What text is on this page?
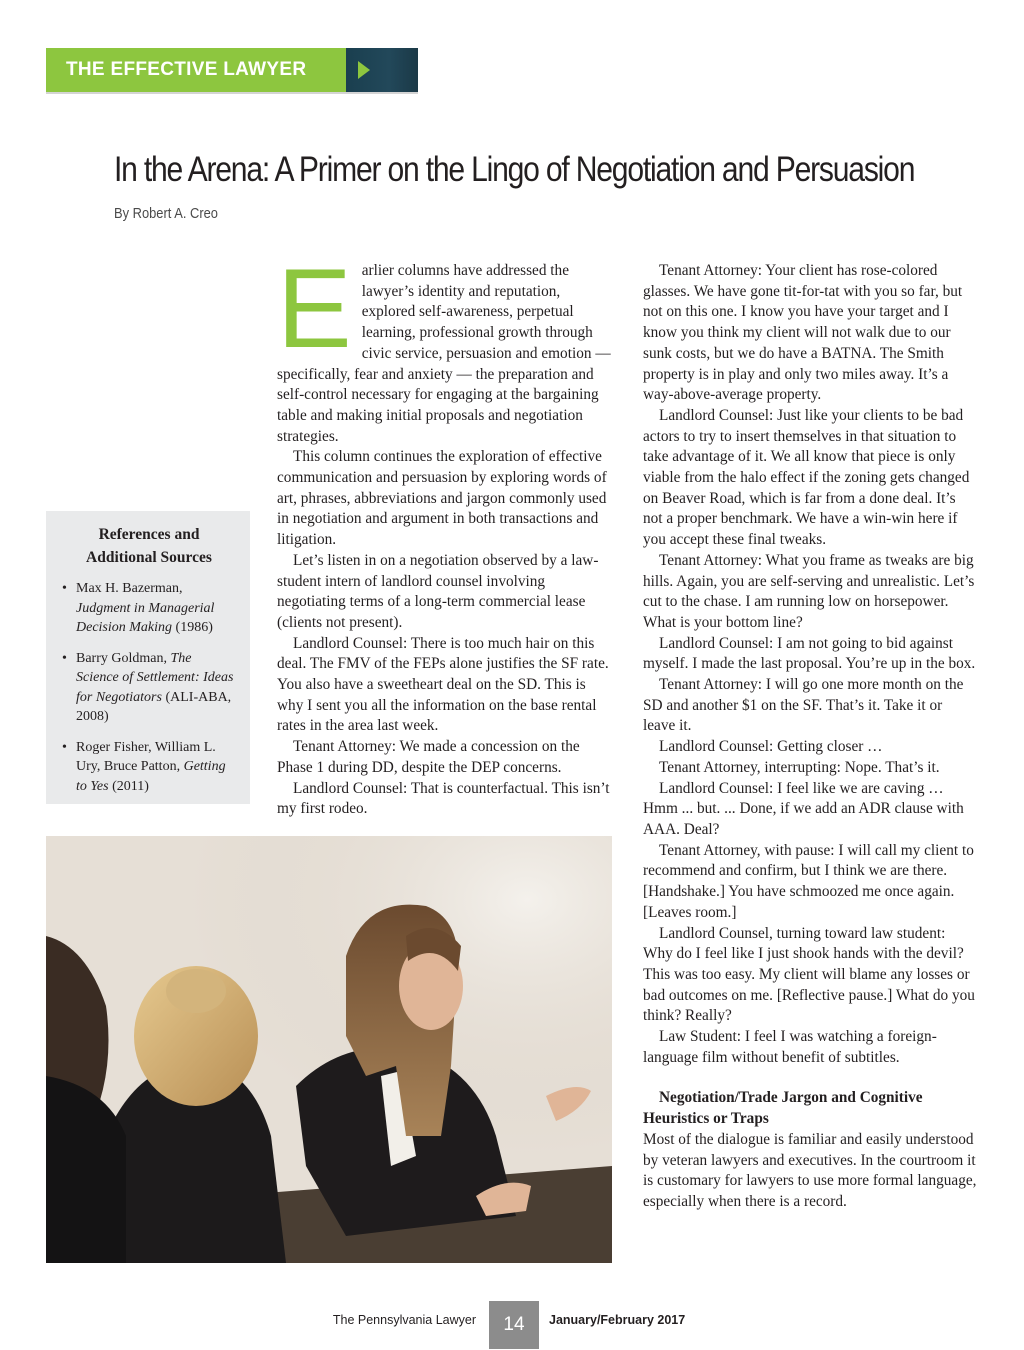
THE EFFECTIVE LAWYER
In the Arena: A Primer on the Lingo of Negotiation and Persuasion
By Robert A. Creo
References and Additional Sources
• Max H. Bazerman, Judgment in Managerial Decision Making (1986)
• Barry Goldman, The Science of Settlement: Ideas for Negotiators (ALI-ABA, 2008)
• Roger Fisher, William L. Ury, Bruce Patton, Getting to Yes (2011)

Earlier columns have addressed the lawyer’s identity and reputation, explored self-awareness, perpetual learning, professional growth through civic service, persuasion and emotion — specifically, fear and anxiety — the preparation and self-control necessary for engaging at the bargaining table and making initial proposals and negotiation strategies.

This column continues the exploration of effective communication and persuasion by exploring words of art, phrases, abbreviations and jargon commonly used in negotiation and argument in both transactions and litigation.

Let’s listen in on a negotiation observed by a law-student intern of landlord counsel involving negotiating terms of a long-term commercial lease (clients not present).

Landlord Counsel: There is too much hair on this deal. The FMV of the FEPs alone justifies the SF rate. You also have a sweetheart deal on the SD. This is why I sent you all the information on the base rental rates in the area last week.

Tenant Attorney: We made a concession on the Phase 1 during DD, despite the DEP concerns.

Landlord Counsel: That is counterfactual. This isn’t my first rodeo.

Tenant Attorney: Your client has rose-colored glasses. We have gone tit-for-tat with you so far, but not on this one. I know you have your target and I know you think my client will not walk due to our sunk costs, but we do have a BATNA. The Smith property is in play and only two miles away. It’s a way-above-average property.

Landlord Counsel: Just like your clients to be bad actors to try to insert themselves in that situation to take advantage of it. We all know that piece is only viable from the halo effect if the zoning gets changed on Beaver Road, which is far from a done deal. It’s not a proper benchmark. We have a win-win here if you accept these final tweaks.

Tenant Attorney: What you frame as tweaks are big hills. Again, you are self-serving and unrealistic. Let’s cut to the chase. I am running low on horsepower. What is your bottom line?

Landlord Counsel: I am not going to bid against myself. I made the last proposal. You’re up in the box.

Tenant Attorney: I will go one more month on the SD and another $1 on the SF. That’s it. Take it or leave it.

Landlord Counsel: Getting closer …

Tenant Attorney, interrupting: Nope. That’s it.

Landlord Counsel: I feel like we are caving … Hmm ... but. ... Done, if we add an ADR clause with AAA. Deal?

Tenant Attorney, with pause: I will call my client to recommend and confirm, but I think we are there. [Handshake.] You have schmoozed me once again. [Leaves room.]

Landlord Counsel, turning toward law student: Why do I feel like I just shook hands with the devil? This was too easy. My client will blame any losses or bad outcomes on me. [Reflective pause.] What do you think? Really?

Law Student: I feel I was watching a foreign-language film without benefit of subtitles.

Negotiation/Trade Jargon and Cognitive Heuristics or Traps

Most of the dialogue is familiar and easily understood by veteran lawyers and executives. In the courtroom it is customary for lawyers to use more formal language, especially when there is a record.

The Pennsylvania Lawyer	14	January/February 2017
